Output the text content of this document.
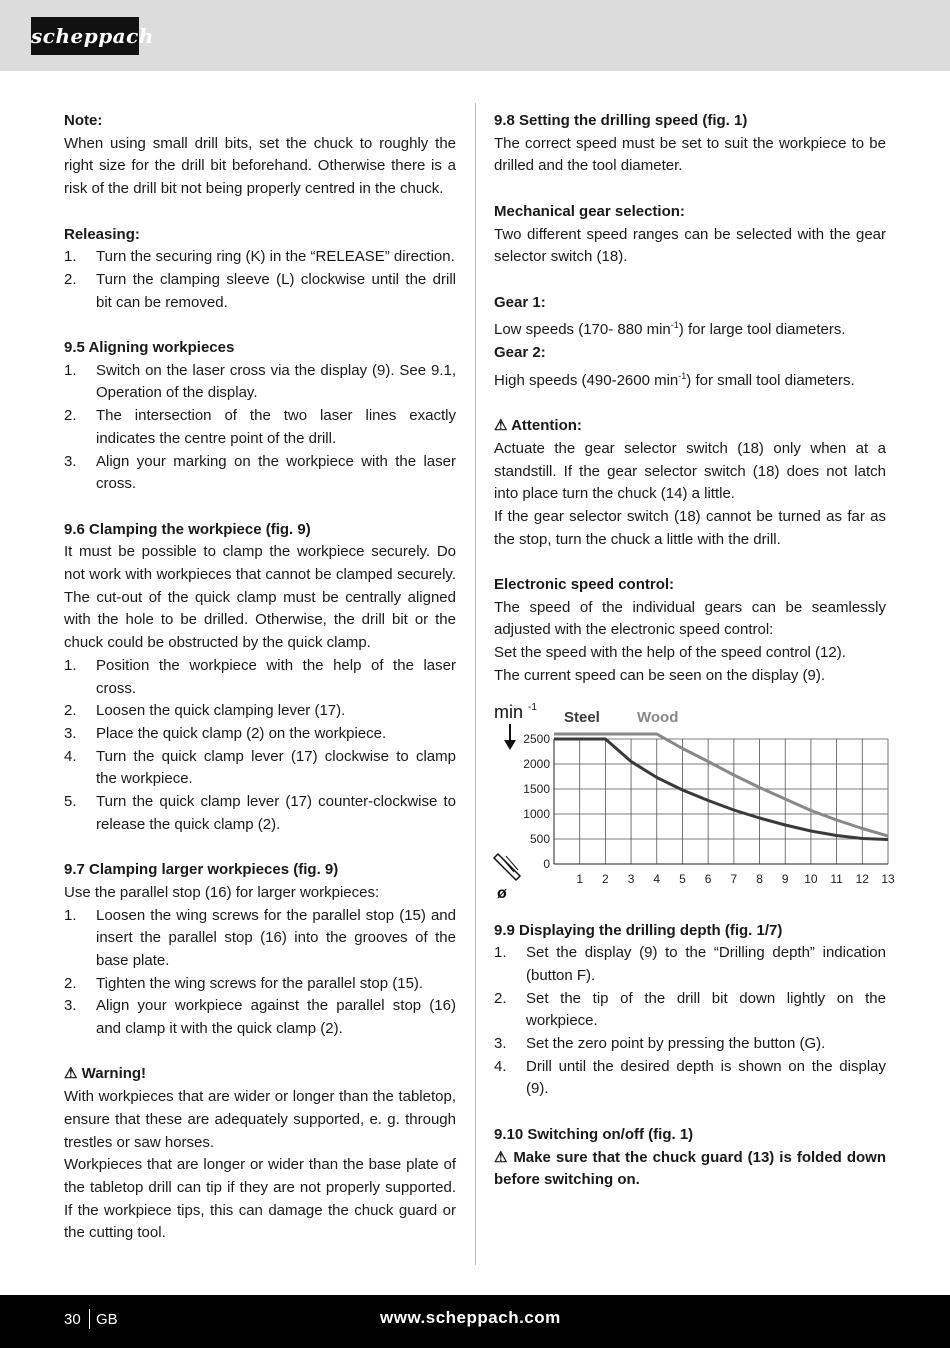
scheppach

Note:

When using small drill bits, set the chuck to roughly the right size for the drill bit beforehand. Otherwise there is a risk of the drill bit not being properly centred in the chuck.

Releasing:

1. Turn the securing ring (K) in the “RELEASE” direction.
2. Turn the clamping sleeve (L) clockwise until the drill bit can be removed.

9.5 Aligning workpieces

1. Switch on the laser cross via the display (9). See 9.1, Operation of the display.
2. The intersection of the two laser lines exactly indicates the centre point of the drill.
3. Align your marking on the workpiece with the laser cross.

9.6 Clamping the workpiece (fig. 9)

It must be possible to clamp the workpiece securely. Do not work with workpieces that cannot be clamped securely. The cut-out of the quick clamp must be centrally aligned with the hole to be drilled. Otherwise, the drill bit or the chuck could be obstructed by the quick clamp.

1. Position the workpiece with the help of the laser cross.
2. Loosen the quick clamping lever (17).
3. Place the quick clamp (2) on the workpiece.
4. Turn the quick clamp lever (17) clockwise to clamp the workpiece.
5. Turn the quick clamp lever (17) counter-clockwise to release the quick clamp (2).

9.7 Clamping larger workpieces (fig. 9)

Use the parallel stop (16) for larger workpieces:

1. Loosen the wing screws for the parallel stop (15) and insert the parallel stop (16) into the grooves of the base plate.
2. Tighten the wing screws for the parallel stop (15).
3. Align your workpiece against the parallel stop (16) and clamp it with the quick clamp (2).

⚠ Warning!

With workpieces that are wider or longer than the tabletop, ensure that these are adequately supported, e. g. through trestles or saw horses.

Workpieces that are longer or wider than the base plate of the tabletop drill can tip if they are not properly supported. If the workpiece tips, this can damage the chuck guard or the cutting tool.

9.8 Setting the drilling speed (fig. 1)

The correct speed must be set to suit the workpiece to be drilled and the tool diameter.

Mechanical gear selection:

Two different speed ranges can be selected with the gear selector switch (18).

Gear 1:

Low speeds (170- 880 $\min^{-1}$) for large tool diameters.

Gear 2:

High speeds (490-2600 $\min^{-1}$) for small tool diameters.

⚠ Attention:

Actuate the gear selector switch (18) only when at a standstill. If the gear selector switch (18) does not latch into place turn the chuck (14) a little.

If the gear selector switch (18) cannot be turned as far as the stop, turn the chuck a little with the drill.

Electronic speed control:

The speed of the individual gears can be seamlessly adjusted with the electronic speed control:

Set the speed with the help of the speed control (12).

The current speed can be seen on the display (9).

0
500
1000
1500
2000
2500
1 2 3 4 5 6 7 8 9 10 11 12 13
Steel Wood
min -1
ø

9.9 Displaying the drilling depth (fig. 1/7)

1. Set the display (9) to the “Drilling depth” indication (button F).
2. Set the tip of the drill bit down lightly on the workpiece.
3. Set the zero point by pressing the button (G).
4. Drill until the desired depth is shown on the display (9).

9.10 Switching on/off (fig. 1)

⚠ Make sure that the chuck guard (13) is folded down before switching on.

30 GB	www.scheppach.com
